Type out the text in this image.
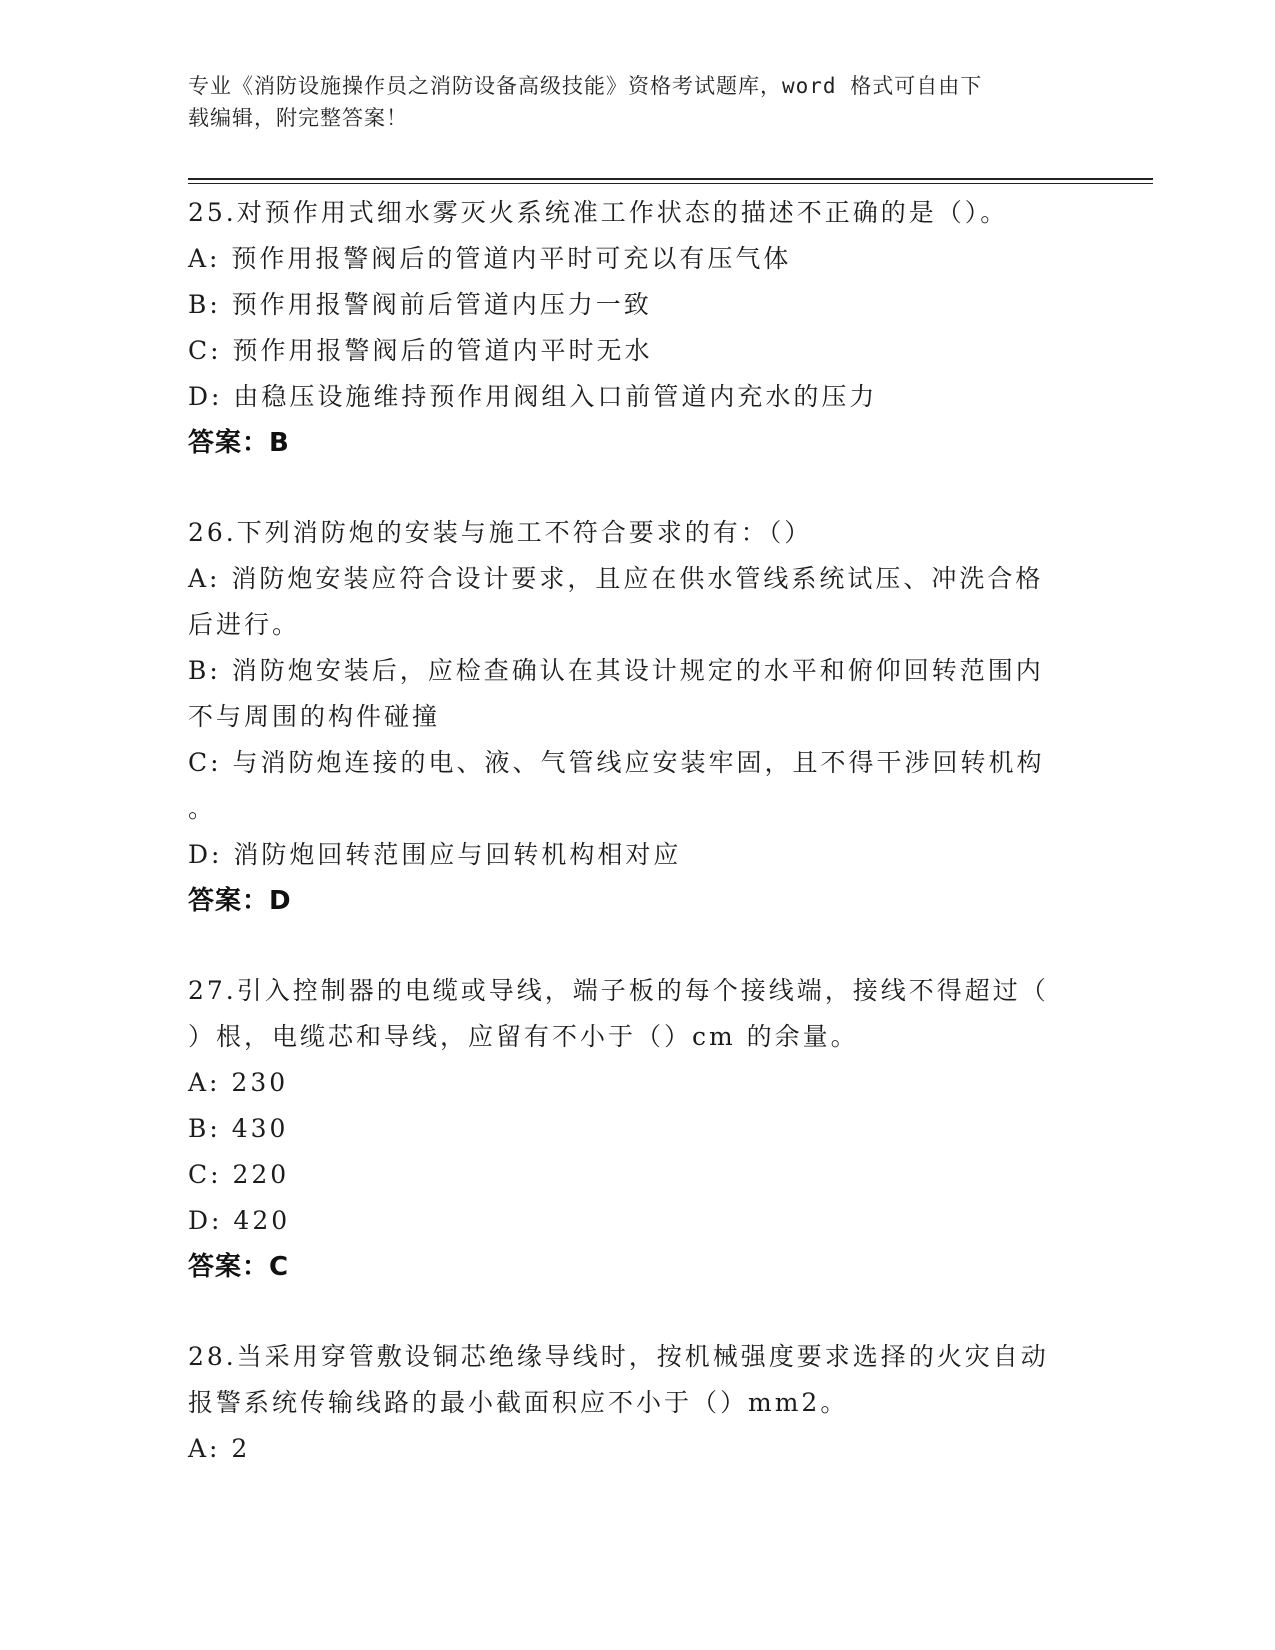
专业《消防设施操作员之消防设备高级技能》资格考试题库，word 格式可自由下
载编辑，附完整答案！
25.对预作用式细水雾灭火系统准工作状态的描述不正确的是（）。
A: 预作用报警阀后的管道内平时可充以有压气体
B: 预作用报警阀前后管道内压力一致
C: 预作用报警阀后的管道内平时无水
D: 由稳压设施维持预作用阀组入口前管道内充水的压力
答案：B
26.下列消防炮的安装与施工不符合要求的有：（）
A: 消防炮安装应符合设计要求，且应在供水管线系统试压、冲洗合格
后进行。
B: 消防炮安装后，应检查确认在其设计规定的水平和俯仰回转范围内
不与周围的构件碰撞
C: 与消防炮连接的电、液、气管线应安装牢固，且不得干涉回转机构
。
D: 消防炮回转范围应与回转机构相对应
答案：D
27.引入控制器的电缆或导线，端子板的每个接线端，接线不得超过（
）根，电缆芯和导线，应留有不小于（）cm 的余量。
A: 230
B: 430
C: 220
D: 420
答案：C
28.当采用穿管敷设铜芯绝缘导线时，按机械强度要求选择的火灾自动
报警系统传输线路的最小截面积应不小于（）mm2。
A: 2
